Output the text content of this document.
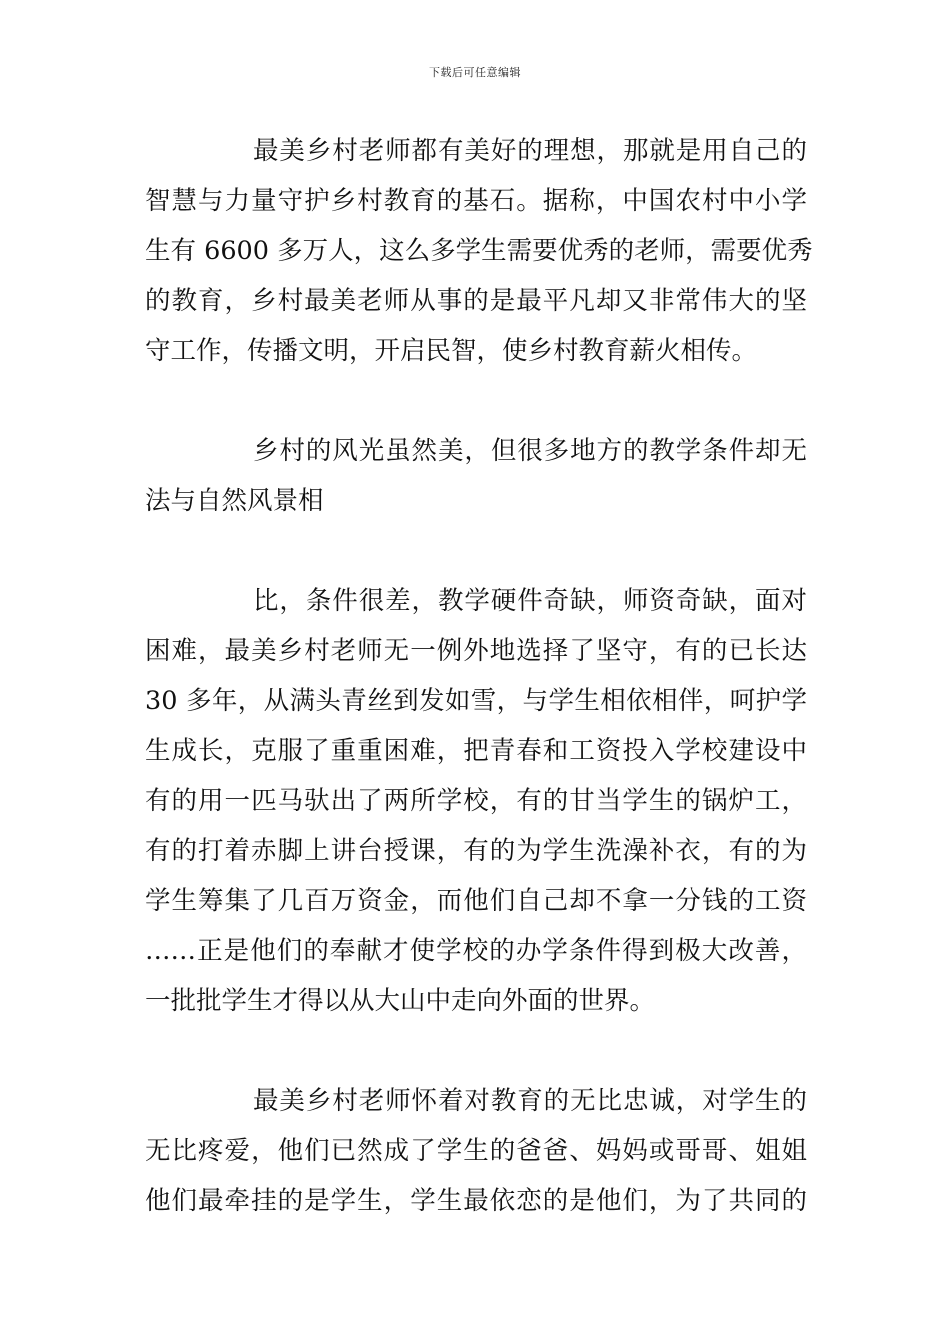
下载后可任意编辑
最美乡村老师都有美好的理想，那就是用自己的
智慧与力量守护乡村教育的基石。据称，中国农村中小学
生有 6600 多万人，这么多学生需要优秀的老师，需要优秀
的教育，乡村最美老师从事的是最平凡却又非常伟大的坚
守工作，传播文明，开启民智，使乡村教育薪火相传。
乡村的风光虽然美，但很多地方的教学条件却无
法与自然风景相
比，条件很差，教学硬件奇缺，师资奇缺，面对
困难，最美乡村老师无一例外地选择了坚守，有的已长达
30 多年，从满头青丝到发如雪，与学生相依相伴，呵护学
生成长，克服了重重困难，把青春和工资投入学校建设中
有的用一匹马驮出了两所学校，有的甘当学生的锅炉工，
有的打着赤脚上讲台授课，有的为学生洗澡补衣，有的为
学生筹集了几百万资金，而他们自己却不拿一分钱的工资
……正是他们的奉献才使学校的办学条件得到极大改善，
一批批学生才得以从大山中走向外面的世界。
最美乡村老师怀着对教育的无比忠诚，对学生的
无比疼爱，他们已然成了学生的爸爸、妈妈或哥哥、姐姐
他们最牵挂的是学生，学生最依恋的是他们，为了共同的
